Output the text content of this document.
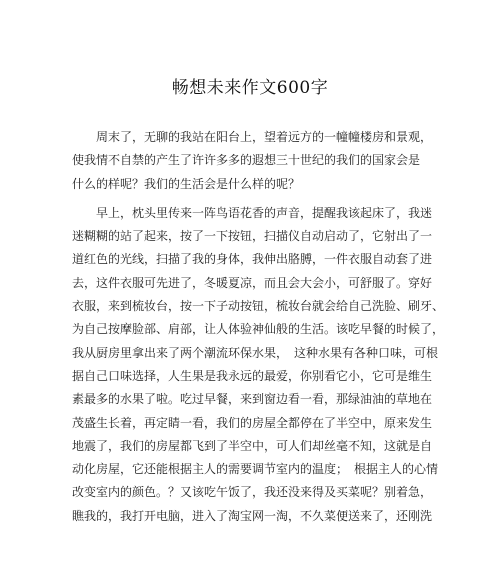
畅想未来作文600字
　　周末了，无聊的我站在阳台上，望着远方的一幢幢楼房和景观，
使我情不自禁的产生了许许多多的遐想三十世纪的我们的国家会是
什么的样呢？我们的生活会是什么样的呢？
　　早上，枕头里传来一阵鸟语花香的声音，提醒我该起床了，我迷
迷糊糊的站了起来，按了一下按钮，扫描仪自动启动了，它射出了一
道红色的光线，扫描了我的身体，我伸出胳膊，一件衣服自动套了进
去，这件衣服可先进了，冬暖夏凉，而且会大会小，可舒服了。穿好
衣服，来到梳妆台，按一下子动按钮，梳妆台就会给自己洗脸、刷牙、
为自己按摩脸部、肩部，让人体验神仙般的生活。该吃早餐的时候了，
我从厨房里拿出来了两个潮流环保水果，　这种水果有各种口味，可根
据自己口味选择，人生果是我永远的最爱，你别看它小，它可是维生
素最多的水果了啦。吃过早餐，来到窗边看一看，那绿油油的草地在
茂盛生长着，再定睛一看，我们的房屋全都停在了半空中，原来发生
地震了，我们的房屋都飞到了半空中，可人们却丝毫不知，这就是自
动化房屋，它还能根据主人的需要调节室内的温度；　根据主人的心情
改变室内的颜色。？又该吃午饭了，我还没来得及买菜呢？别着急，
瞧我的，我打开电脑，进入了淘宝网一淘，不久菜便送来了，还刚洗
